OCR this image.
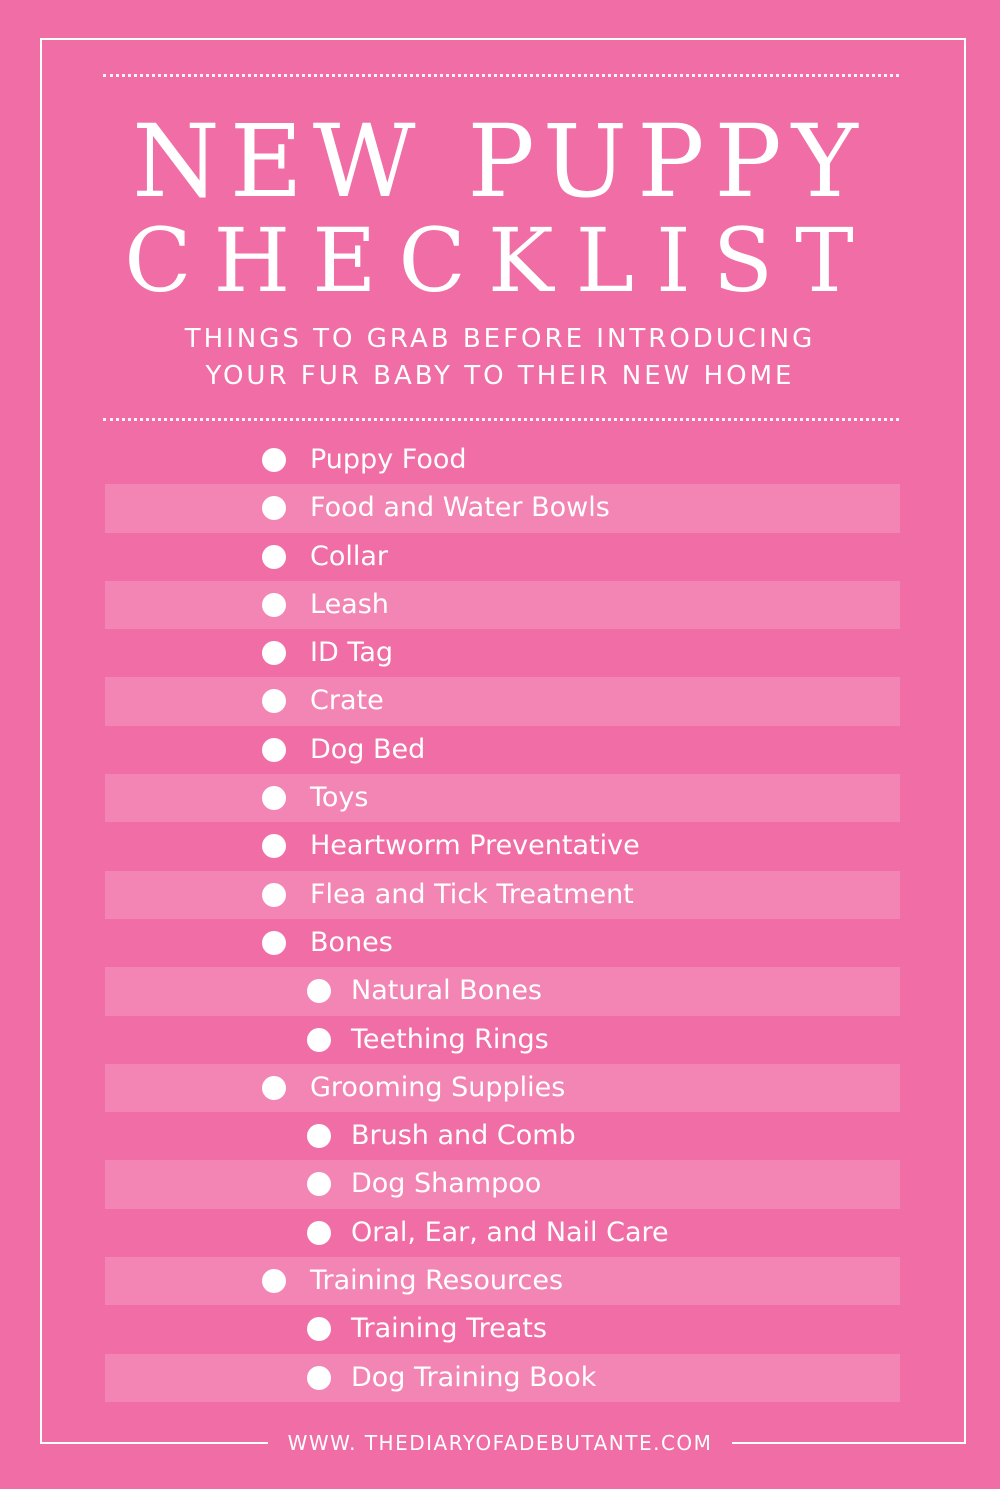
NEW PUPPY
CHECKLIST
THINGS TO GRAB BEFORE INTRODUCING
YOUR FUR BABY TO THEIR NEW HOME
Puppy Food
Food and Water Bowls
Collar
Leash
ID Tag
Crate
Dog Bed
Toys
Heartworm Preventative
Flea and Tick Treatment
Bones
Natural Bones
Teething Rings
Grooming Supplies
Brush and Comb
Dog Shampoo
Oral, Ear, and Nail Care
Training Resources
Training Treats
Dog Training Book
WWW. THEDIARYOFADEBUTANTE.COM
